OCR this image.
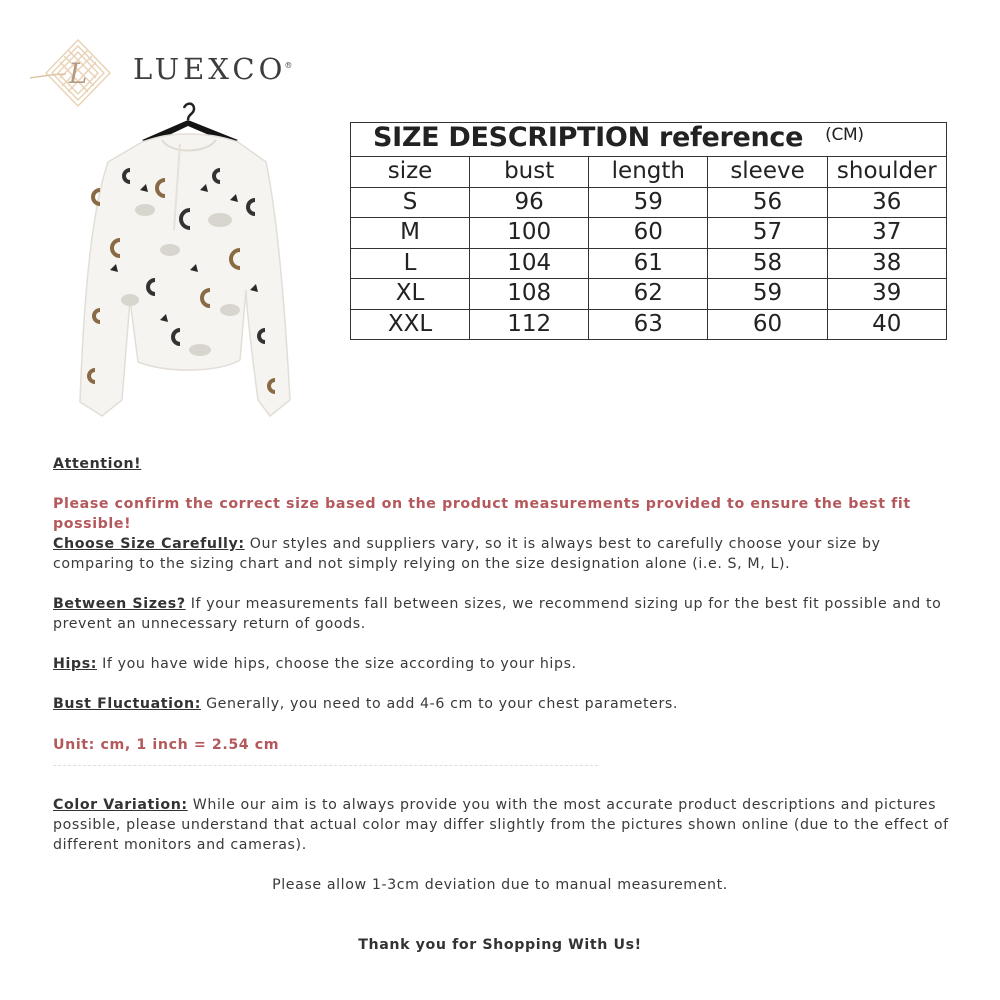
L LUEXCO®
SIZE DESCRIPTION reference $^{(CM)}$
size	bust	length	sleeve	shoulder
S	96	59	56	36
M	100	60	57	37
L	104	61	58	38
XL	108	62	59	39
XXL	112	63	60	40
Attention!
Please confirm the correct size based on the product measurements provided to ensure the best fit possible!
Choose Size Carefully: Our styles and suppliers vary, so it is always best to carefully choose your size by comparing to the sizing chart and not simply relying on the size designation alone (i.e. S, M, L).
Between Sizes? If your measurements fall between sizes, we recommend sizing up for the best fit possible and to prevent an unnecessary return of goods.
Hips: If you have wide hips, choose the size according to your hips.
Bust Fluctuation: Generally, you need to add 4-6 cm to your chest parameters.
Unit: cm, 1 inch = 2.54 cm
Color Variation: While our aim is to always provide you with the most accurate product descriptions and pictures possible, please understand that actual color may differ slightly from the pictures shown online (due to the effect of different monitors and cameras).
Please allow 1-3cm deviation due to manual measurement.
Thank you for Shopping With Us!
